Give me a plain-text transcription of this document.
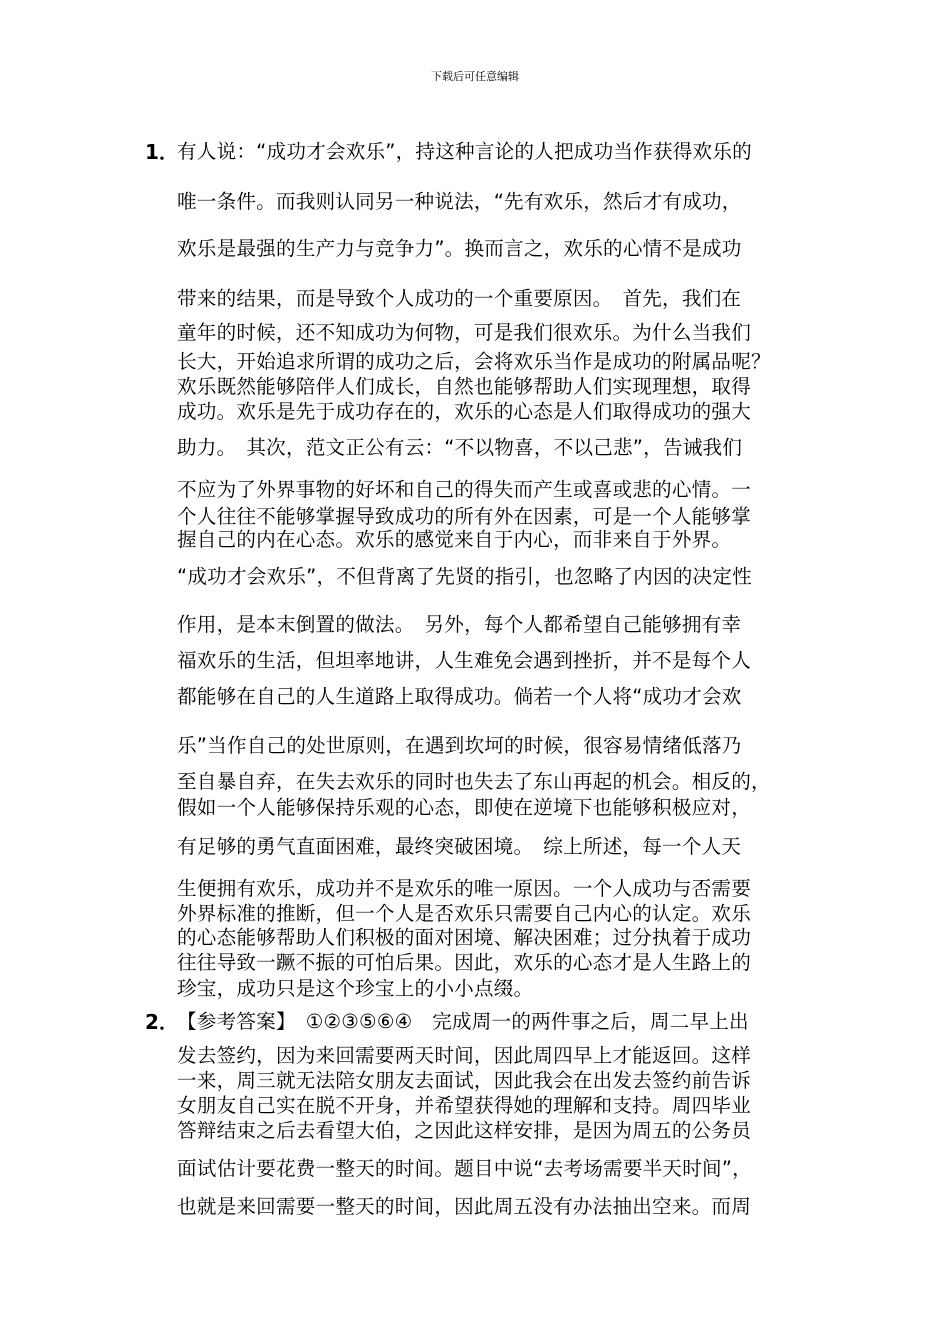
下载后可任意编辑
1．
有人说：“成功才会欢乐”，持这种言论的人把成功当作获得欢乐的
唯一条件。而我则认同另一种说法，“先有欢乐，然后才有成功，
欢乐是最强的生产力与竞争力”。换而言之，欢乐的心情不是成功
带来的结果，而是导致个人成功的一个重要原因。　首先，我们在
童年的时候，还不知成功为何物，可是我们很欢乐。为什么当我们
长大，开始追求所谓的成功之后，会将欢乐当作是成功的附属品呢？
欢乐既然能够陪伴人们成长，自然也能够帮助人们实现理想，取得
成功。欢乐是先于成功存在的，欢乐的心态是人们取得成功的强大
助力。　其次，范文正公有云：“不以物喜，不以己悲”，告诫我们
不应为了外界事物的好坏和自己的得失而产生或喜或悲的心情。一
个人往往不能够掌握导致成功的所有外在因素，可是一个人能够掌
握自己的内在心态。欢乐的感觉来自于内心，而非来自于外界。
“成功才会欢乐”，不但背离了先贤的指引，也忽略了内因的决定性
作用，是本末倒置的做法。　另外，每个人都希望自己能够拥有幸
福欢乐的生活，但坦率地讲，人生难免会遇到挫折，并不是每个人
都能够在自己的人生道路上取得成功。倘若一个人将“成功才会欢
乐”当作自己的处世原则，在遇到坎坷的时候，很容易情绪低落乃
至自暴自弃，在失去欢乐的同时也失去了东山再起的机会。相反的，
假如一个人能够保持乐观的心态，即使在逆境下也能够积极应对，
有足够的勇气直面困难，最终突破困境。　综上所述，每一个人天
生便拥有欢乐，成功并不是欢乐的唯一原因。一个人成功与否需要
外界标准的推断，但一个人是否欢乐只需要自己内心的认定。欢乐
的心态能够帮助人们积极的面对困境、解决困难；过分执着于成功
往往导致一蹶不振的可怕后果。因此，欢乐的心态才是人生路上的
珍宝，成功只是这个珍宝上的小小点缀。
2．
【参考答案】　①②③⑤⑥④　完成周一的两件事之后，周二早上出
发去签约，因为来回需要两天时间，因此周四早上才能返回。这样
一来，周三就无法陪女朋友去面试，因此我会在出发去签约前告诉
女朋友自己实在脱不开身，并希望获得她的理解和支持。周四毕业
答辩结束之后去看望大伯，之因此这样安排，是因为周五的公务员
面试估计要花费一整天的时间。题目中说“去考场需要半天时间”，
也就是来回需要一整天的时间，因此周五没有办法抽出空来。而周
